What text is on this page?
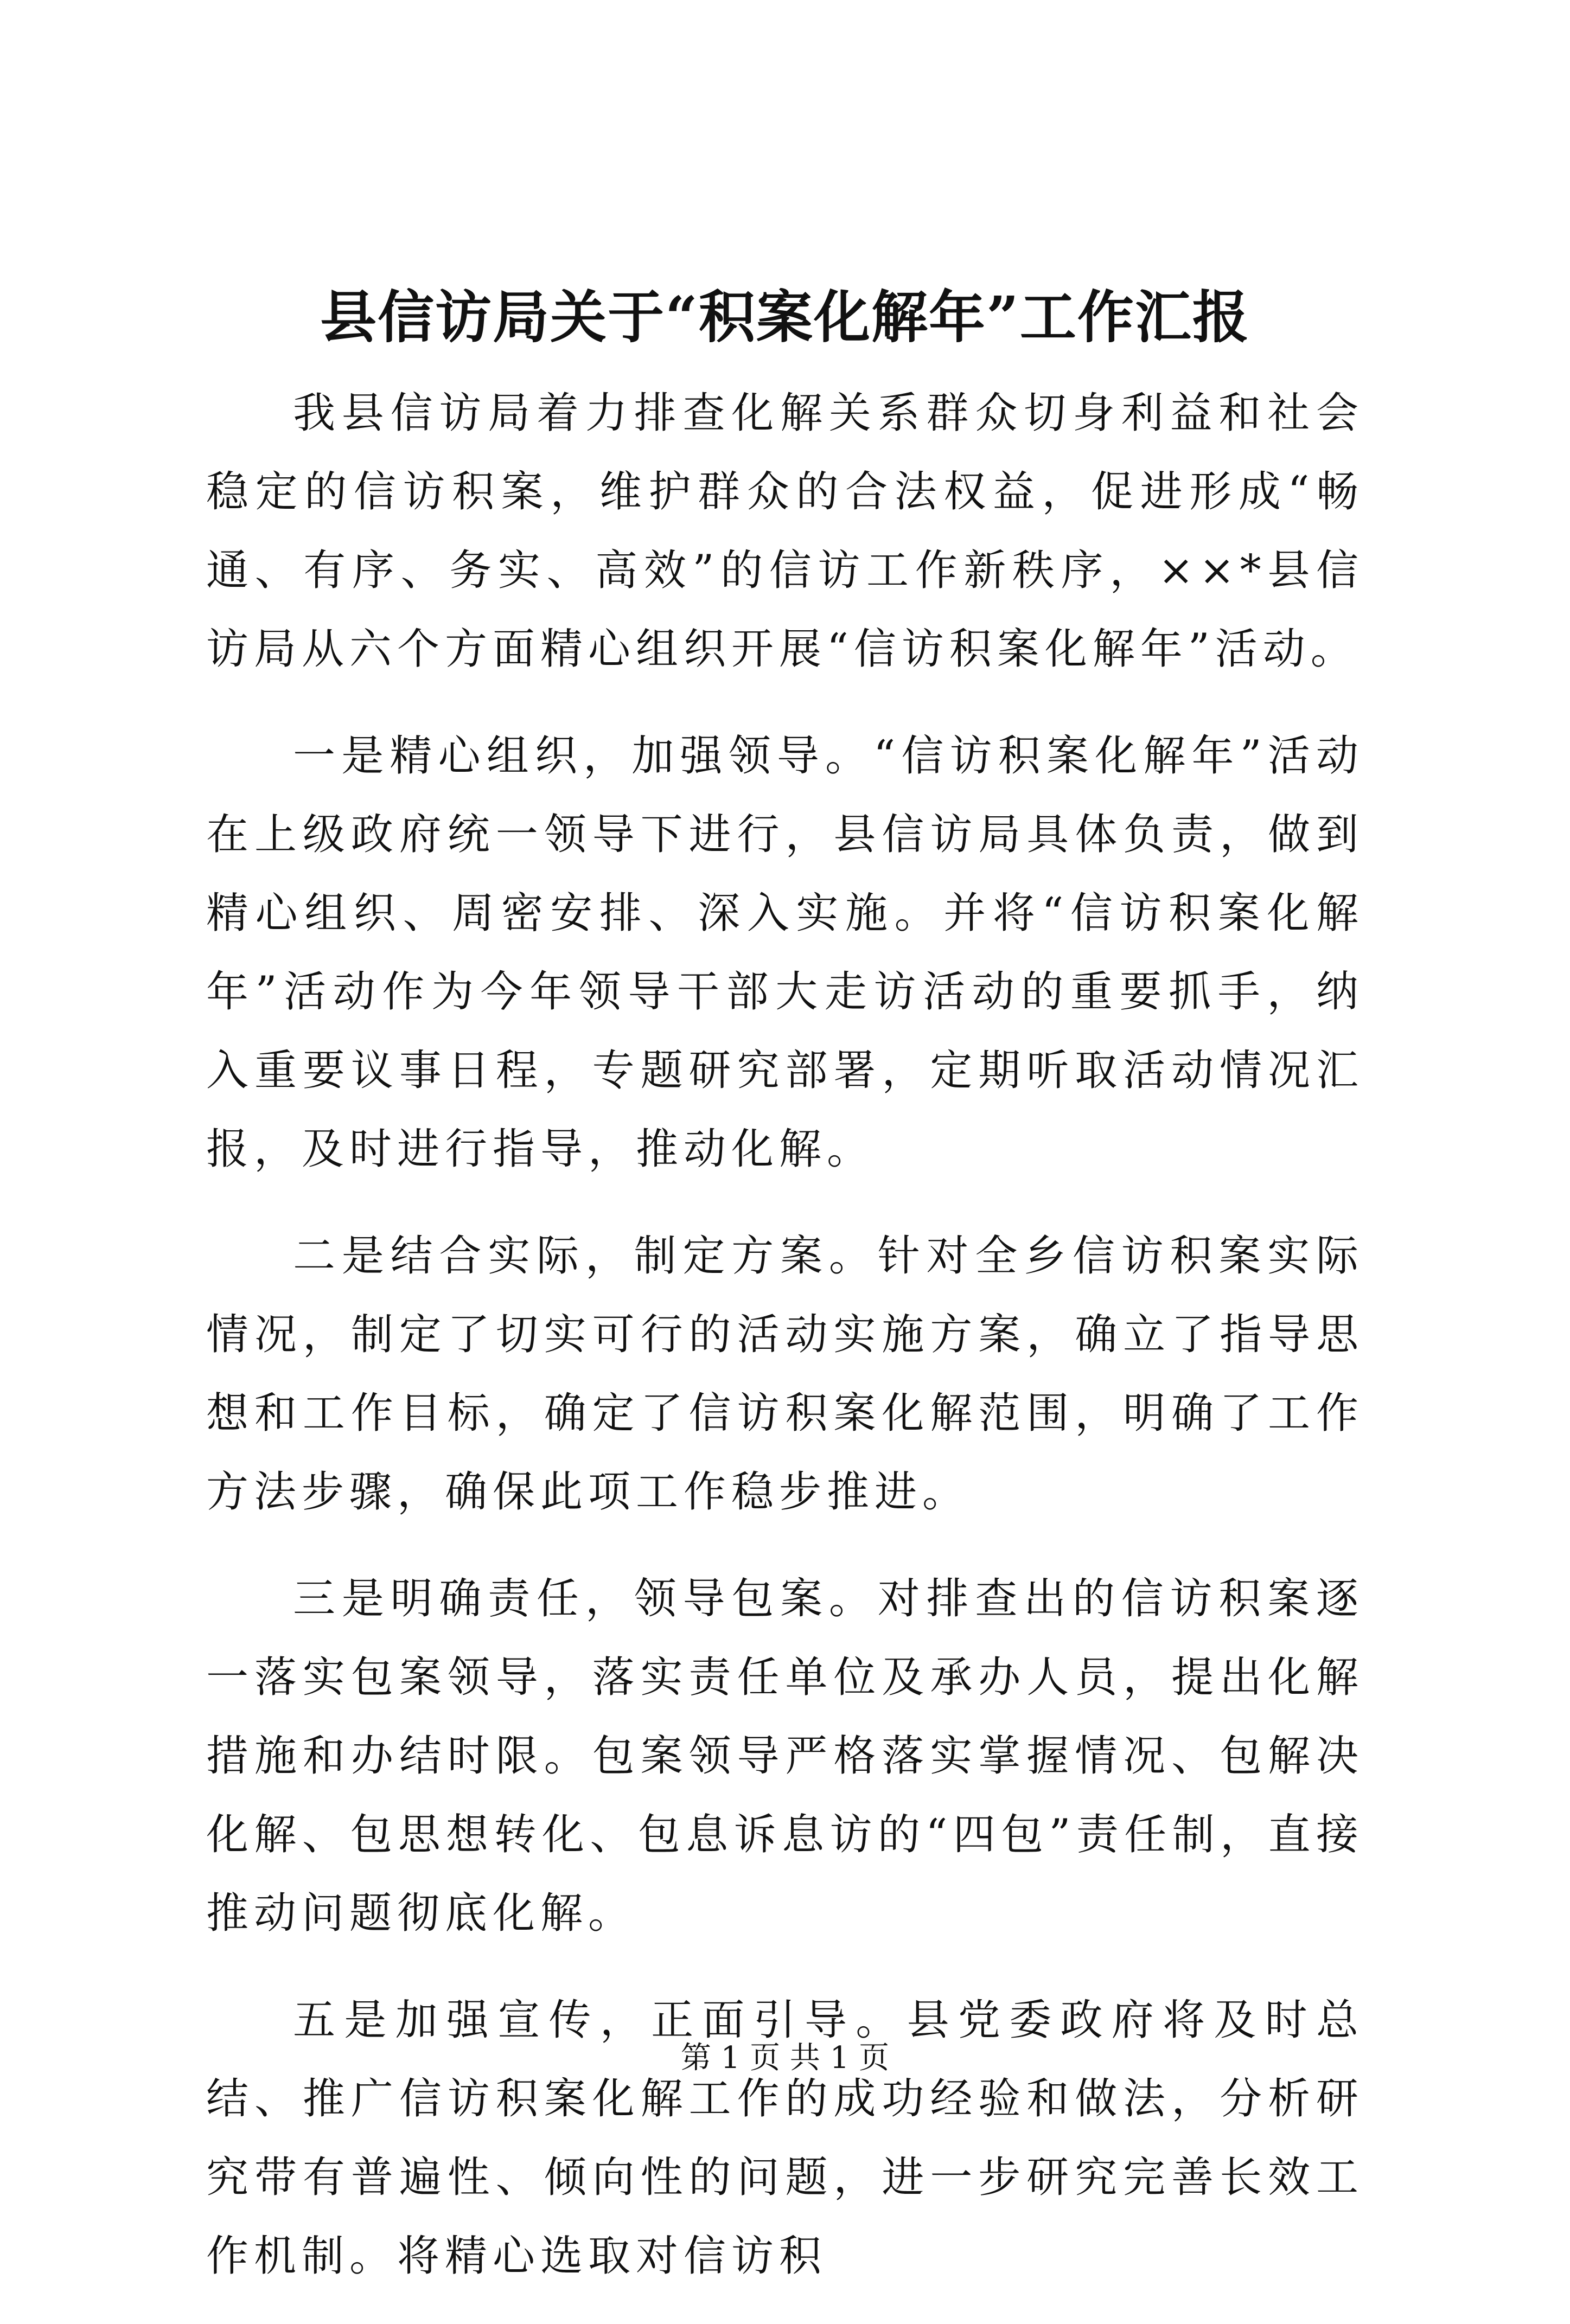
县信访局关于“积案化解年”工作汇报

我县信访局着力排查化解关系群众切身利益和社会稳定的信访积案，维护群众的合法权益，促进形成“畅通、有序、务实、高效”的信访工作新秩序，××*县信访局从六个方面精心组织开展“信访积案化解年”活动。

一是精心组织，加强领导。“信访积案化解年”活动在上级政府统一领导下进行，县信访局具体负责，做到精心组织、周密安排、深入实施。并将“信访积案化解年”活动作为今年领导干部大走访活动的重要抓手，纳入重要议事日程，专题研究部署，定期听取活动情况汇报，及时进行指导，推动化解。

二是结合实际，制定方案。针对全乡信访积案实际情况，制定了切实可行的活动实施方案，确立了指导思想和工作目标，确定了信访积案化解范围，明确了工作方法步骤，确保此项工作稳步推进。

三是明确责任，领导包案。对排查出的信访积案逐一落实包案领导，落实责任单位及承办人员，提出化解措施和办结时限。包案领导严格落实掌握情况、包解决化解、包思想转化、包息诉息访的“四包”责任制，直接推动问题彻底化解。

五是加强宣传，正面引导。县党委政府将及时总结、推广信访积案化解工作的成功经验和做法，分析研究带有普遍性、倾向性的问题，进一步研究完善长效工作机制。将精心选取对信访积

第 1 页 共 1 页
